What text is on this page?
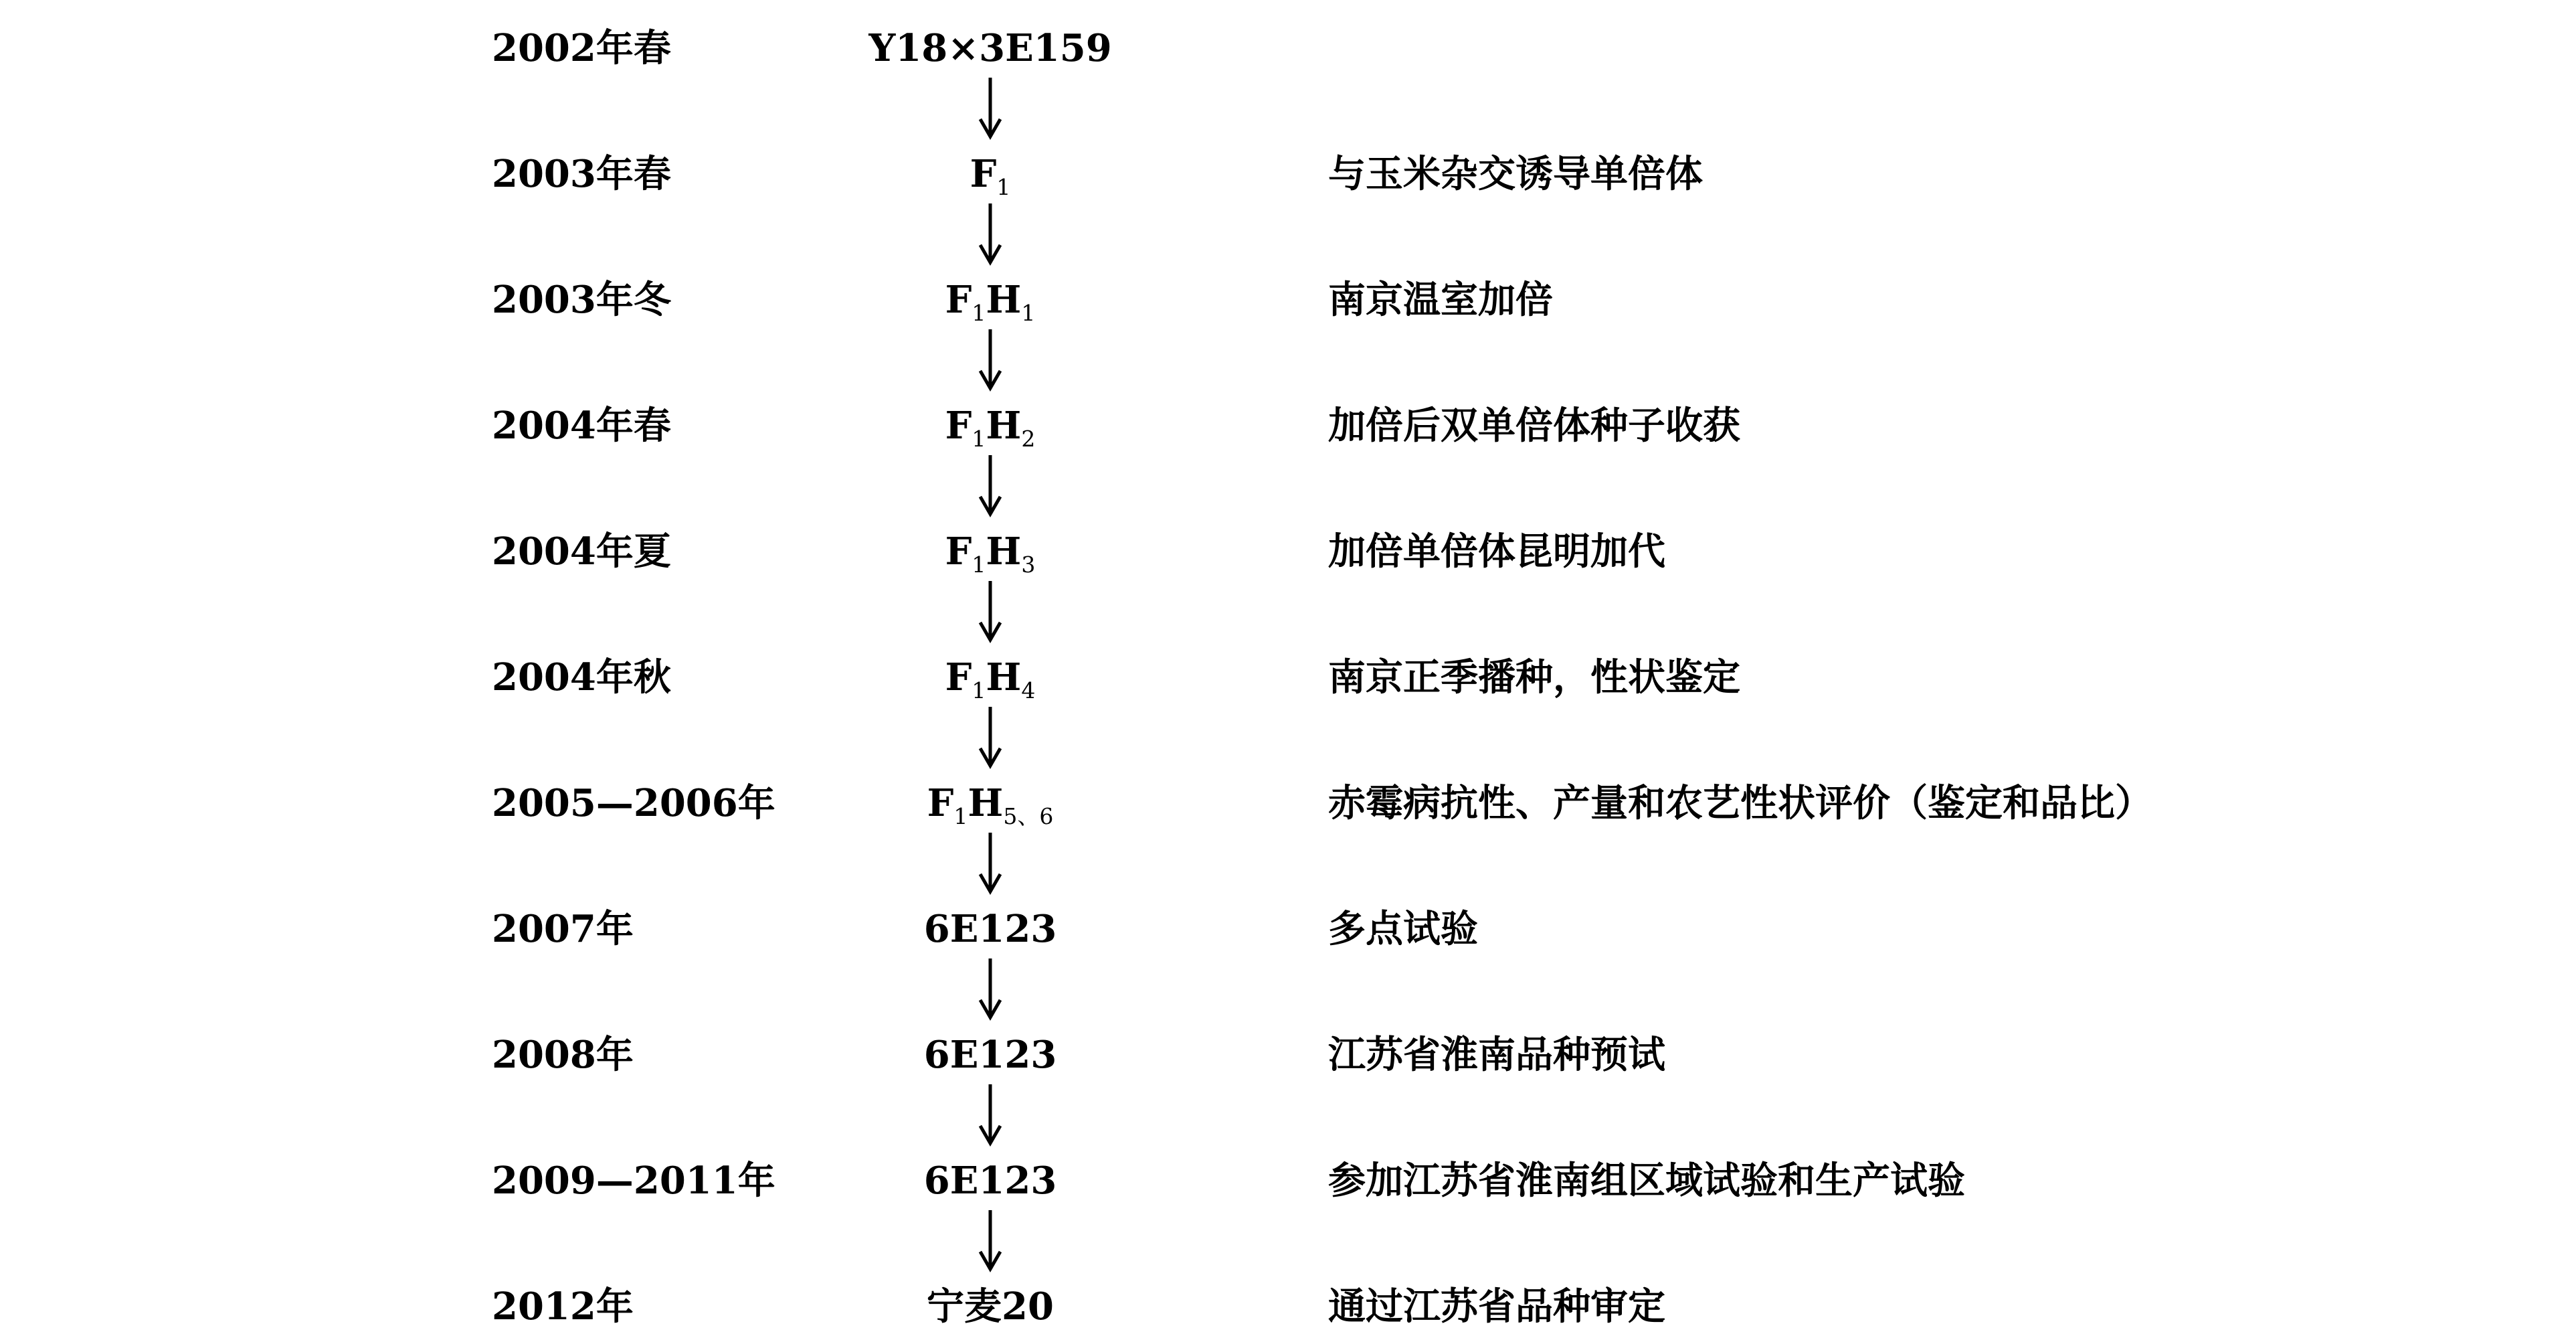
2002年春	Y18×3E159
2003年春	$F_1$	与玉米杂交诱导单倍体
2003年冬	$F_1H_1$	南京温室加倍
2004年春	$F_1H_2$	加倍后双单倍体种子收获
2004年夏	$F_1H_3$	加倍单倍体昆明加代
2004年秋	$F_1H_4$	南京正季播种，性状鉴定
2005—2006年	$F_1H_{5、6}$	赤霉病抗性、产量和农艺性状评价（鉴定和品比）
2007年	6E123	多点试验
2008年	6E123	江苏省淮南品种预试
2009—2011年	6E123	参加江苏省淮南组区域试验和生产试验
2012年	宁麦20	通过江苏省品种审定
